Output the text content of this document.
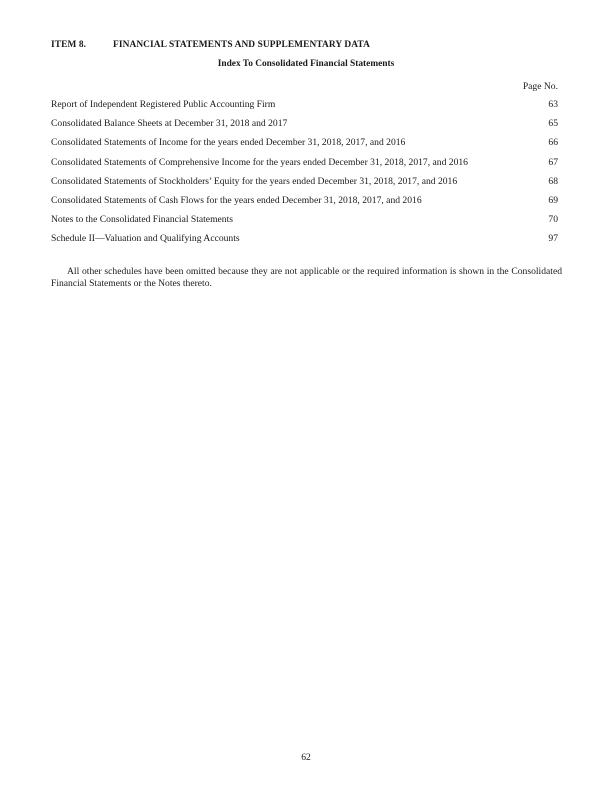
ITEM 8.	FINANCIAL STATEMENTS AND SUPPLEMENTARY DATA
Index To Consolidated Financial Statements
Page No.
Report of Independent Registered Public Accounting Firm	63
Consolidated Balance Sheets at December 31, 2018 and 2017	65
Consolidated Statements of Income for the years ended December 31, 2018, 2017, and 2016	66
Consolidated Statements of Comprehensive Income for the years ended December 31, 2018, 2017, and 2016	67
Consolidated Statements of Stockholders’ Equity for the years ended December 31, 2018, 2017, and 2016	68
Consolidated Statements of Cash Flows for the years ended December 31, 2018, 2017, and 2016	69
Notes to the Consolidated Financial Statements	70
Schedule II—Valuation and Qualifying Accounts	97

All other schedules have been omitted because they are not applicable or the required information is shown in the Consolidated Financial Statements or the Notes thereto.

62
